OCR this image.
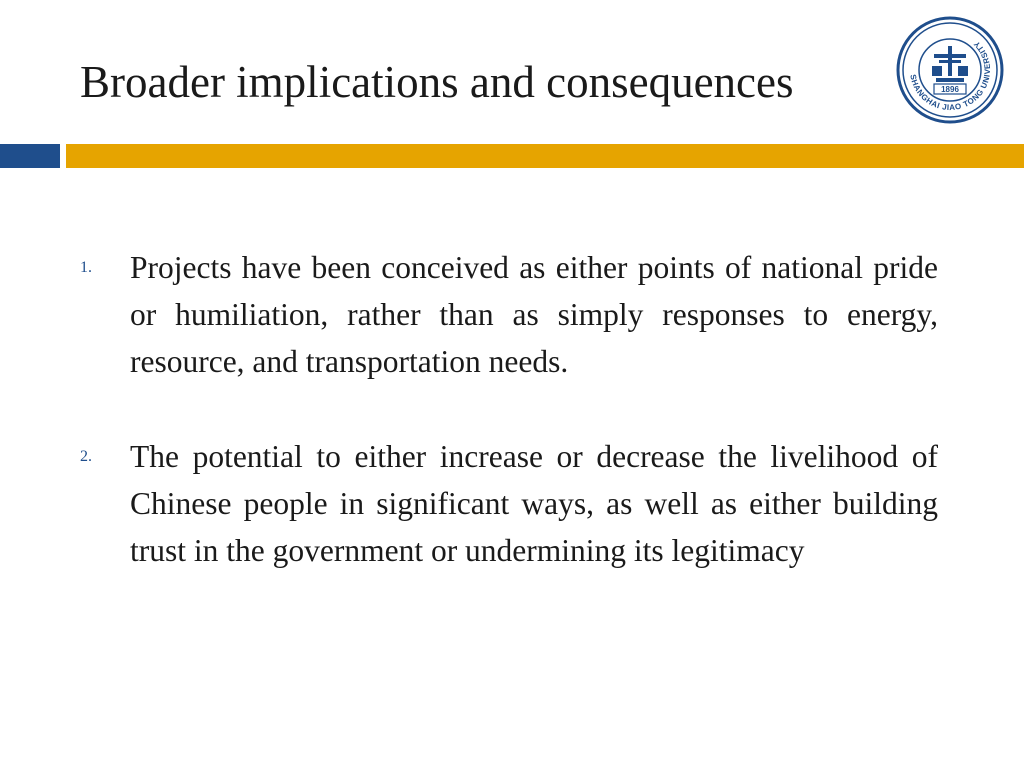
Broader implications and consequences	SHANGHAI JIAO TONG UNIVERSITY
1896
1.	Projects have been conceived as either points of national pride or humiliation, rather than as simply responses to energy, resource, and transportation needs.

2.	The potential to either increase or decrease the livelihood of Chinese people in significant ways, as well as either building trust in the government or undermining its legitimacy
